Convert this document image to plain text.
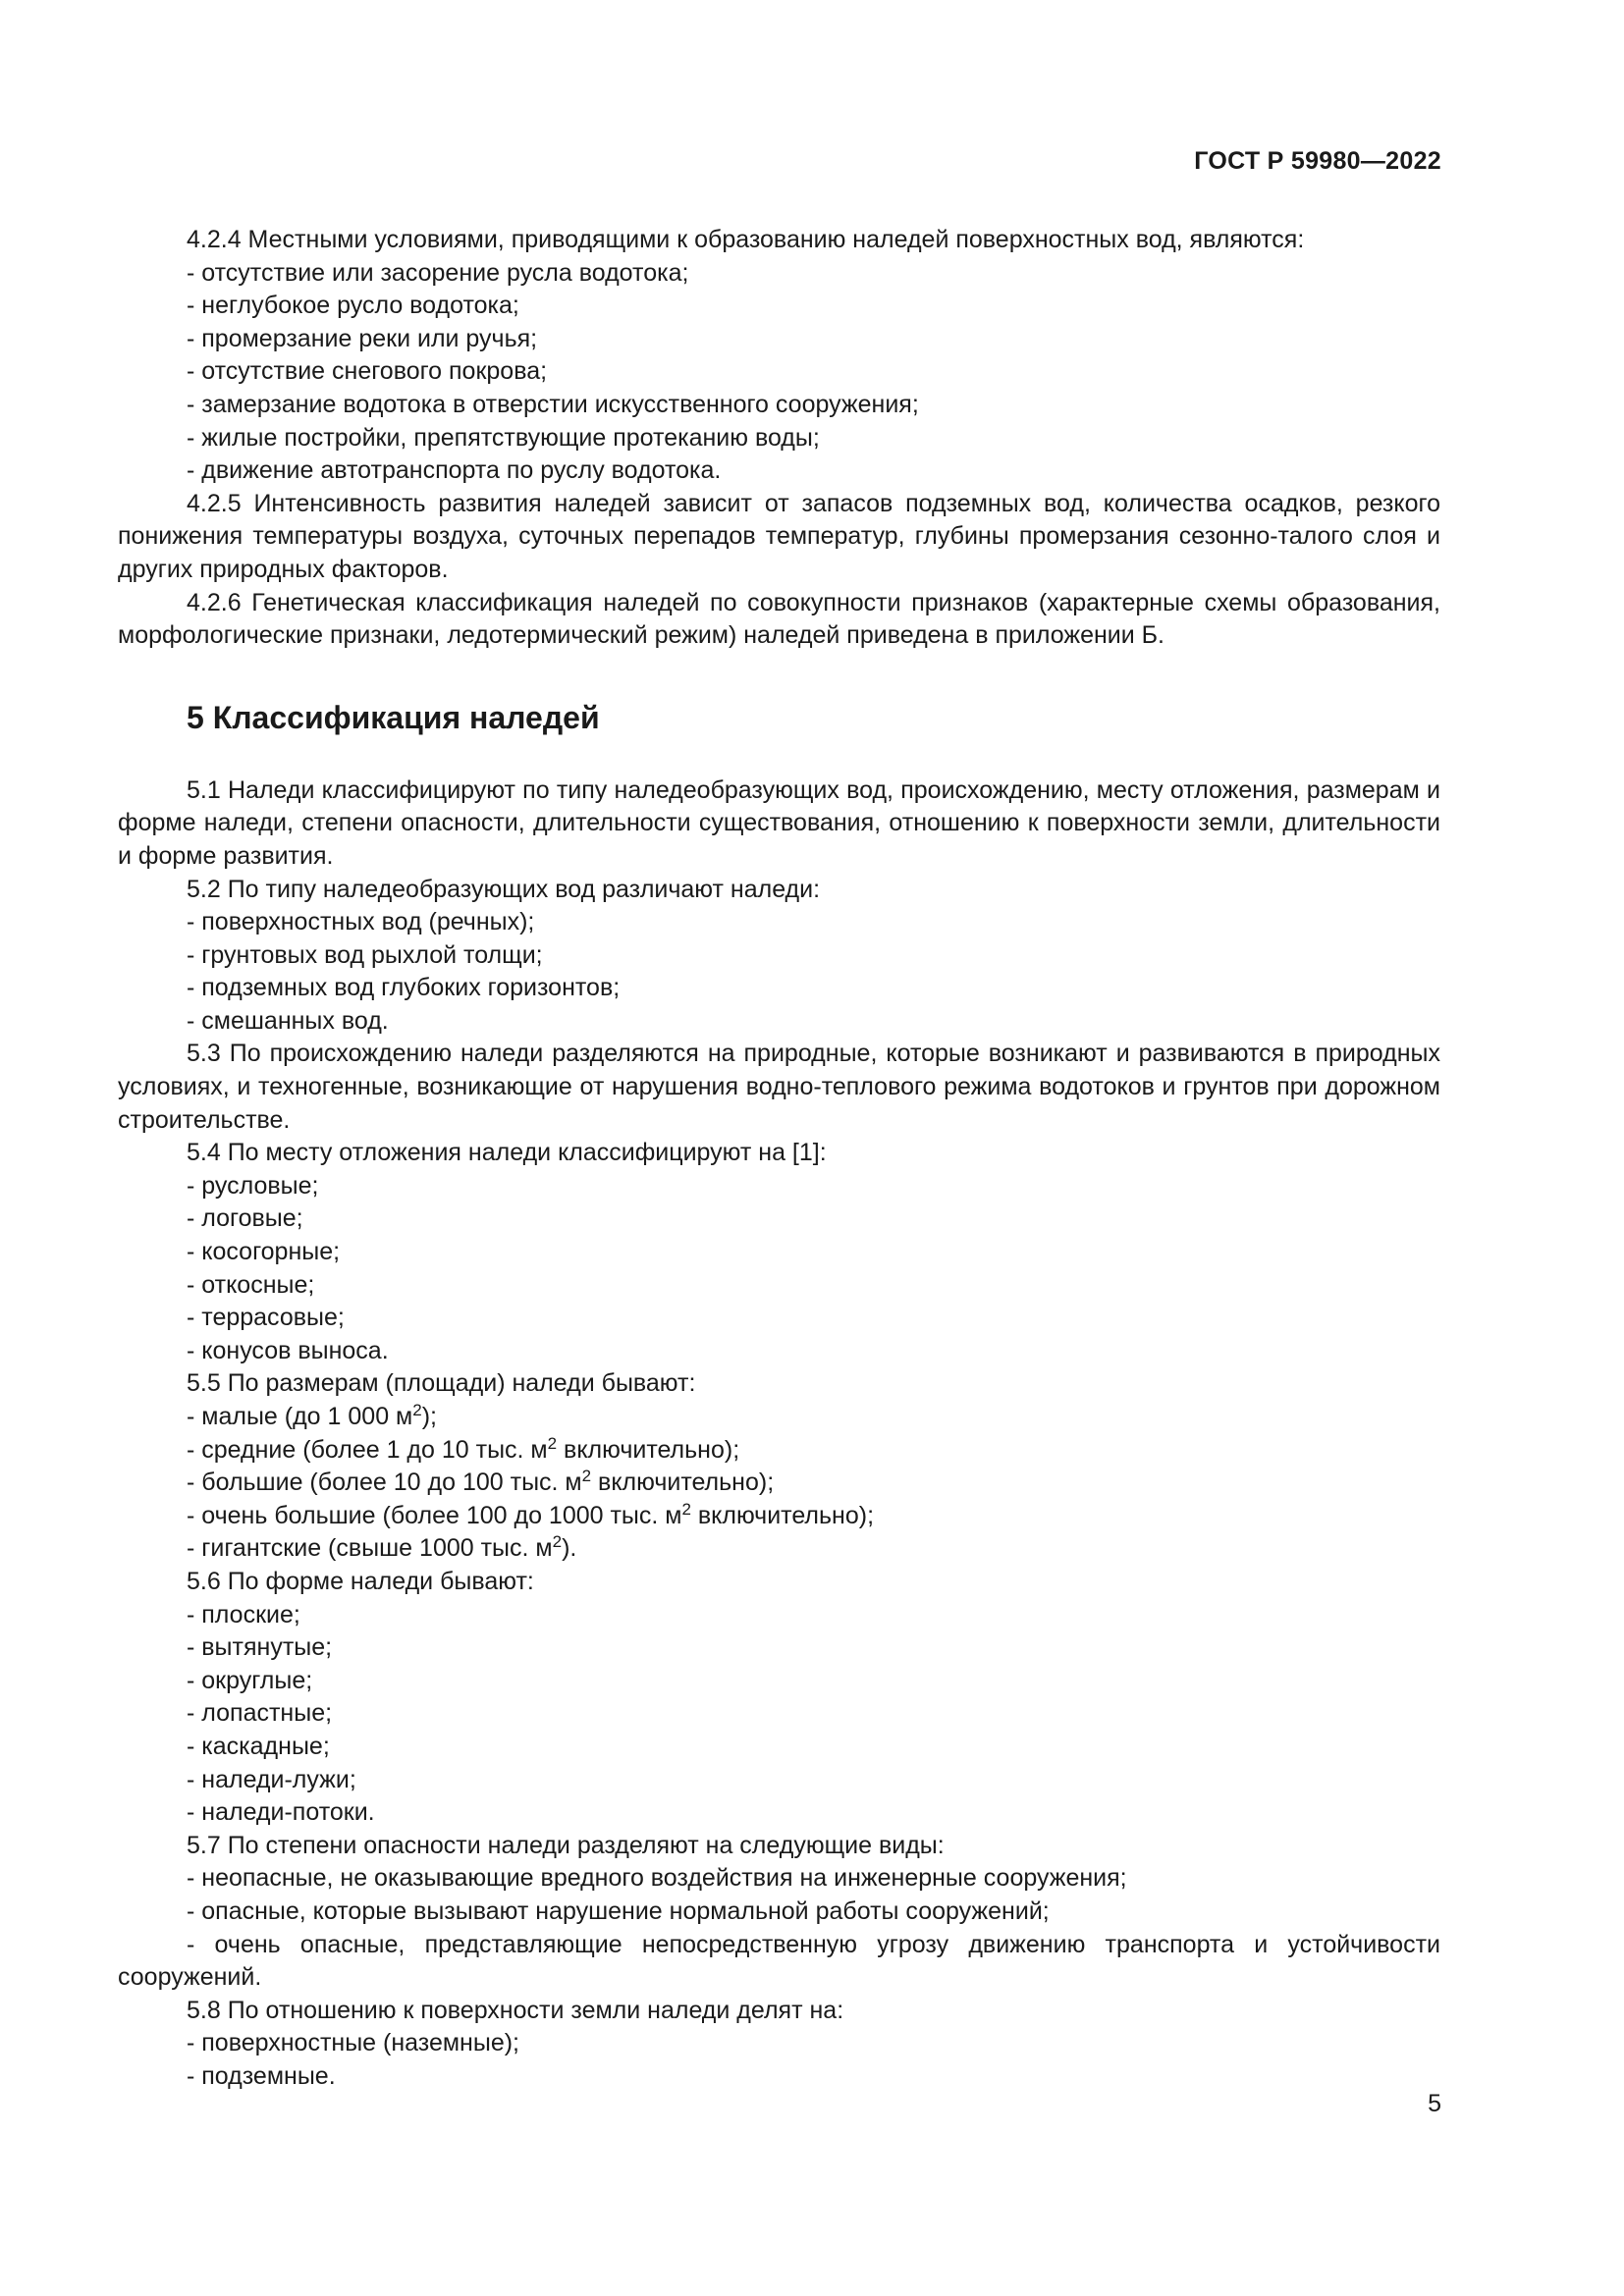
ГОСТ Р 59980—2022

4.2.4 Местными условиями, приводящими к образованию наледей поверхностных вод, являются:

- отсутствие или засорение русла водотока;

- неглубокое русло водотока;

- промерзание реки или ручья;

- отсутствие снегового покрова;

- замерзание водотока в отверстии искусственного сооружения;

- жилые постройки, препятствующие протеканию воды;

- движение автотранспорта по руслу водотока.

4.2.5 Интенсивность развития наледей зависит от запасов подземных вод, количества осадков, резкого понижения температуры воздуха, суточных перепадов температур, глубины промерзания сезонно-талого слоя и других природных факторов.

4.2.6 Генетическая классификация наледей по совокупности признаков (характерные схемы образования, морфологические признаки, ледотермический режим) наледей приведена в приложении Б.

5 Классификация наледей

5.1 Наледи классифицируют по типу наледеобразующих вод, происхождению, месту отложения, размерам и форме наледи, степени опасности, длительности существования, отношению к поверхности земли, длительности и форме развития.

5.2 По типу наледеобразующих вод различают наледи:

- поверхностных вод (речных);

- грунтовых вод рыхлой толщи;

- подземных вод глубоких горизонтов;

- смешанных вод.

5.3 По происхождению наледи разделяются на природные, которые возникают и развиваются в природных условиях, и техногенные, возникающие от нарушения водно-теплового режима водотоков и грунтов при дорожном строительстве.

5.4 По месту отложения наледи классифицируют на [1]:

- русловые;

- логовые;

- косогорные;

- откосные;

- террасовые;

- конусов выноса.

5.5 По размерам (площади) наледи бывают:

- малые (до 1 000 $м^2$);

- средние (более 1 до 10 тыс. $м^2$ включительно);

- большие (более 10 до 100 тыс. $м^2$ включительно);

- очень большие (более 100 до 1000 тыс. $м^2$ включительно);

- гигантские (свыше 1000 тыс. $м^2$).

5.6 По форме наледи бывают:

- плоские;

- вытянутые;

- округлые;

- лопастные;

- каскадные;

- наледи-лужи;

- наледи-потоки.

5.7 По степени опасности наледи разделяют на следующие виды:

- неопасные, не оказывающие вредного воздействия на инженерные сооружения;

- опасные, которые вызывают нарушение нормальной работы сооружений;

- очень опасные, представляющие непосредственную угрозу движению транспорта и устойчивости сооружений.

5.8 По отношению к поверхности земли наледи делят на:

- поверхностные (наземные);

- подземные.

5
